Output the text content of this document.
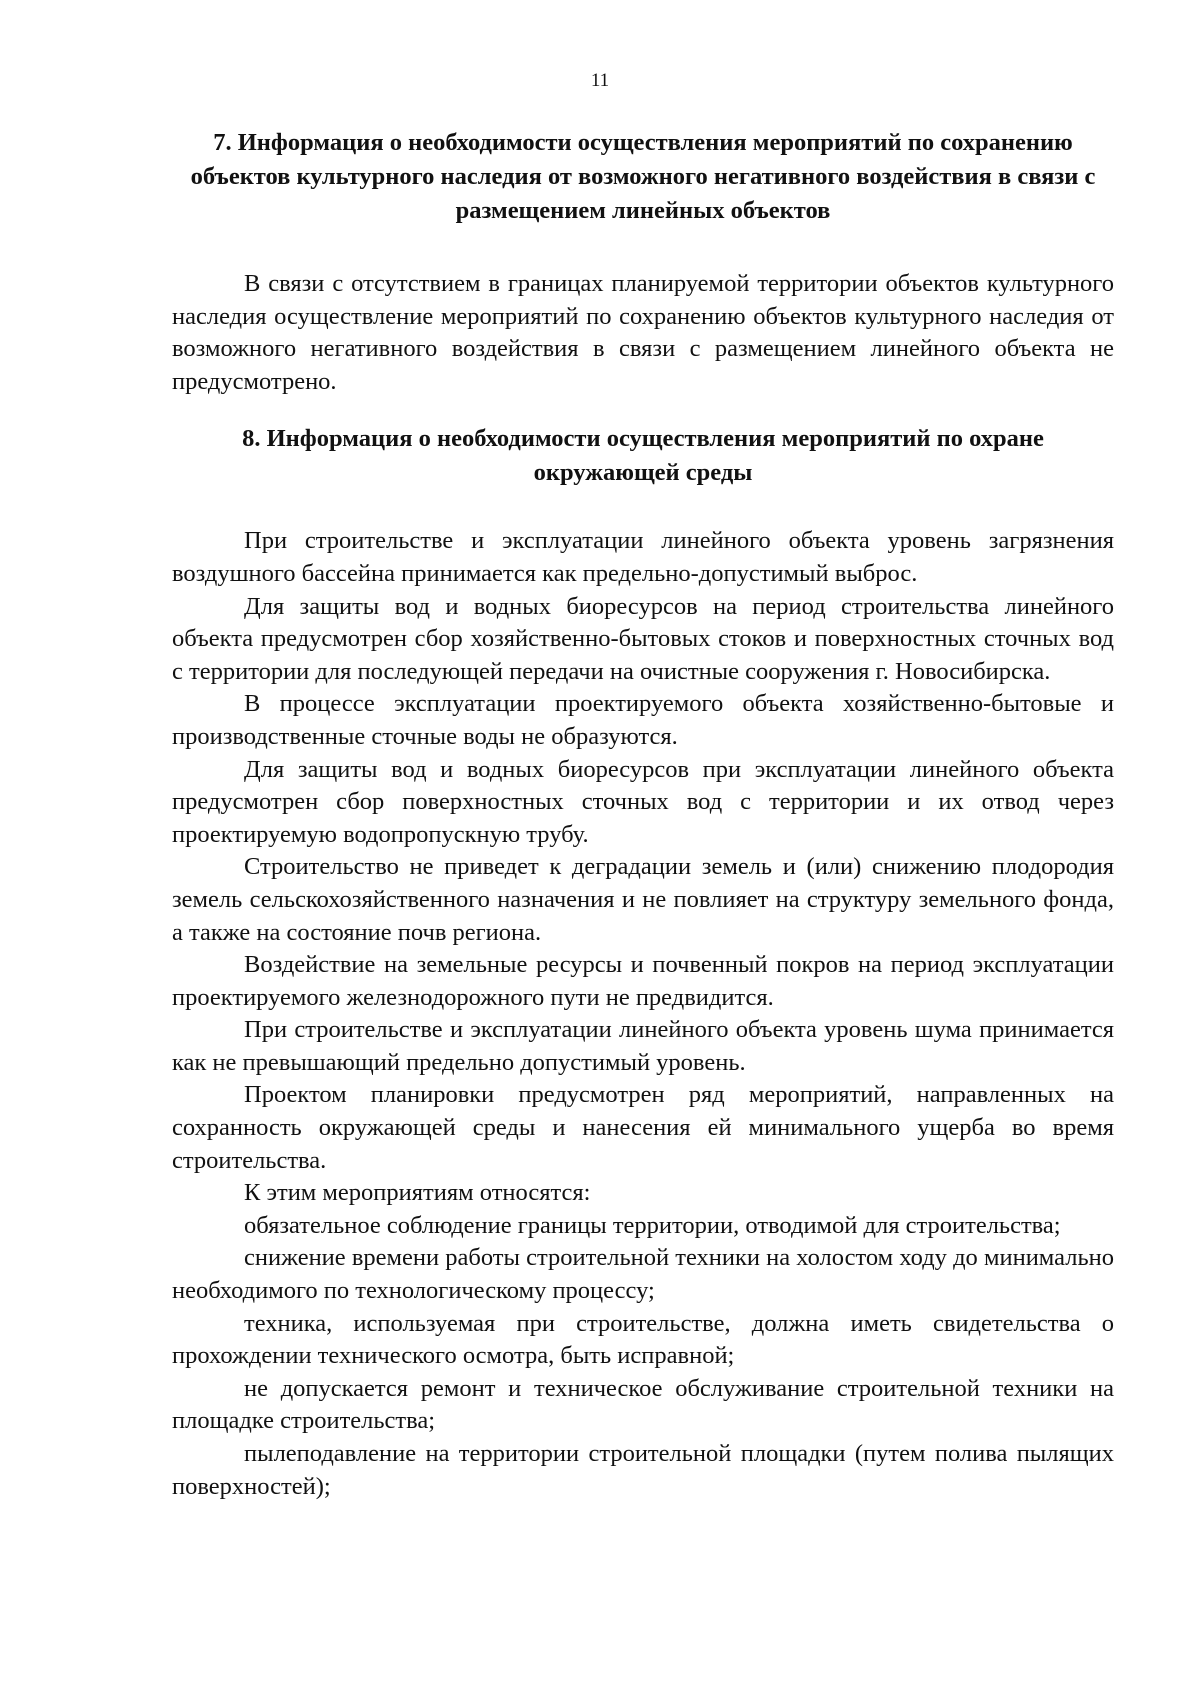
11
7. Информация о необходимости осуществления мероприятий по сохранению объектов культурного наследия от возможного негативного воздействия в связи с размещением линейных объектов

В связи с отсутствием в границах планируемой территории объектов культурного наследия осуществление мероприятий по сохранению объектов культурного наследия от возможного негативного воздействия в связи с размещением линейного объекта не предусмотрено.

8. Информация о необходимости осуществления мероприятий по охране окружающей среды

При строительстве и эксплуатации линейного объекта уровень загрязнения воздушного бассейна принимается как предельно-допустимый выброс.

Для защиты вод и водных биоресурсов на период строительства линейного объекта предусмотрен сбор хозяйственно-бытовых стоков и поверхностных сточных вод с территории для последующей передачи на очистные сооружения г. Новосибирска.

В процессе эксплуатации проектируемого объекта хозяйственно-бытовые и производственные сточные воды не образуются.

Для защиты вод и водных биоресурсов при эксплуатации линейного объекта предусмотрен сбор поверхностных сточных вод с территории и их отвод через проектируемую водопропускную трубу.

Строительство не приведет к деградации земель и (или) снижению плодородия земель сельскохозяйственного назначения и не повлияет на структуру земельного фонда, а также на состояние почв региона.

Воздействие на земельные ресурсы и почвенный покров на период эксплуатации проектируемого железнодорожного пути не предвидится.

При строительстве и эксплуатации линейного объекта уровень шума принимается как не превышающий предельно допустимый уровень.

Проектом планировки предусмотрен ряд мероприятий, направленных на сохранность окружающей среды и нанесения ей минимального ущерба во время строительства.

К этим мероприятиям относятся:

обязательное соблюдение границы территории, отводимой для строительства;

снижение времени работы строительной техники на холостом ходу до минимально необходимого по технологическому процессу;

техника, используемая при строительстве, должна иметь свидетельства о прохождении технического осмотра, быть исправной;

не допускается ремонт и техническое обслуживание строительной техники на площадке строительства;

пылеподавление на территории строительной площадки (путем полива пылящих поверхностей);
